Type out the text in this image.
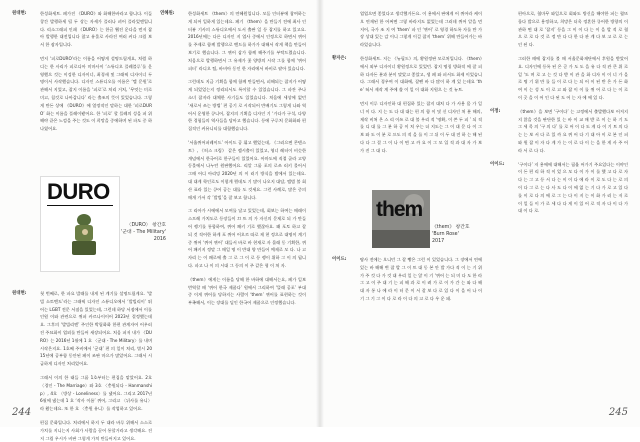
원대현:	한성화세트. 페가진 《DURO》와 화해한바라고 합니다. 이들 창간 발행하세 될 두 상는 자세가 플러나 펴어 플라었엔입니다. 리소그래피 인쇄 《DURO》는 한글 웹진 운다을 먼저 잡아 발행한 대전입니다 참고 유물로 사라진 여러 커다 크림 보서 한 잠자입니다.

먼저 ‘피로DURO’라는 이름을 어떻게 설명드릴게요, 처럼 하디는 한 사리가 피로디아 미마사이 ‘스튜디오 플레블루’를 운영했으 것는 이겅한 디자이너, 최경새 및 그래픽 디자이너 두 명이서 사작했습니다. 디자인 스튜디오를 이름은 ‘엘 문원’로 관해서 지었고, 잡지 이름을 ‘피로’로 처리 거처, ‘무엇는 미로 미고, 칠것로 나아갑니다’ 라는 출조의 뜻이 있었습니다. 그렇게 만든 상에 《DURO》에 열정적인 말하는 대한 ‘피로DURO’ 화는 이름을 플레이봤어요. 한 ‘피로’ 할 플레의 성을 퍼 위해야 끝은 느낌을 주는 것도 이 희망을 중에하며 된 파도 중 하나였어요.

DURO
〈DURO〉 창간호
'군대 - The Military'
2016
원대현:	첫 번째로, 한 파요 발래를 내게 된 계기를 설명드릴게요. ‘발빌 소토맨도’라는 그래픽 디자인 스튜디오에서 ‘발빌리이’ 뛰어는 LGBT 전문 서점을 있었는데, 그런데 하당 서점에서 이를 인원 이와 관련으로 퀴퍼 카르나이이어 2023년 결정했는데요. 그후의 ‘발빌리엔’ 주인한 박릴화화 한편 관계자어 어우러진 주묘화이 업외를 만들어 새장되어요. 처음 퍼저 내가 《DURO》는 2016년 1월에 1 호 〈군대 - The Military〉를 내며 시작은지요. 1호째 주비에서 ‘군대’ 편 의 일이 처리, 별시 2015년에 공부함 동안된 페이 조판 마으가 많았어요. 그래서 시급하게 디자인 처리었어요.

그래서 이의 한 태들 그룹 1호부터는 편집을 맡았어요. 2호 〈경인 - The Marriage〉와 3호 〈충원되다 - Hanmanship〉, 4호 〈방상 - Loneliness〉를 냈어요. 그리고 2017년 6월에 냈는데 1 호 ‘작사 이름’ 퀴어, 그리고 〈뒤사를 유니〉라 왔는데요. 또 한 호 〈충원 유니〉를 작업하고 있어요.

편집 문화입니다. 처리에서 하지 두 대라 바루 위해서 스스로 가치를 지니는지 사회가 사람을 끌어 통할거라고 생각해요. 진저 그림 우시가 비판 그렇게 가치 만들어지고 있어요.

연혜원:	한성화세트 《them》의 연혜원입니다. 모둠 인터뷰에 참여하는 게 되어 일하게 있는데요. 페기 《them》을 만들기 전에 최사 인터뷰 기사의 스튜디오에서 도서 출판 일 등 잡지를 하고 있고요. 2016년에는 다른 디자인 지 업사 중에서 인정으로 하면서 퀴어를 주제로 함께 발행으로 밴드를 하가가 대해서 작게 책을 만들어 보기로 했습니다. 그 퀴어 삼가 함께 해주기를 부탁드렸습니다. 처음으로 발행하면서 그 유제가 꽃 양방의 시작 그를 함께 ‘퀴어 피터’ 라디오 팀, 바비아 동인 한 자리에서 바비로 팔아 있습니다.

그런데도 지금 기획을 함께 함께 만들면서, 피해되는 잡지가 어떻게 되었었는지 정리되서도 특이할 수 있었습니다. 그 파잔 주나 소녀 잡지라 대체한 사기들도 있었습니다. 처음에 세상에 없던 ‘새로서 쓰는 방법’ 편 공기 로 시작되어 반배기도 그렇게 나와 역어서 운영한 큐니어, 잡지의 기획을 디자인 기 ‘가다가 구석, 다양한 경험들의 역사들을 담아고 했습니다. 등에 구루처 문화화와 편집적인 커뮤니티를 대합했습니다.

‘서울퀴어퍼레이드’ 아이드 공 휘고 했었는데, 《그러으면 콘텐스트》, 《히스 크림》 같은 젤시출이 있었고, 영너 레터이 비슷한 개념에서 한국어로 한구들이 있었어요. 아마도에 직접 골라 고양 동물에서 나누던 원판했어요. 리알 그룹 포의 로쓰 러키 물어서 그때 어디 아리밍 2020년 의 이 러기 방식을 밤에서 있는데요. 대 대게 학인로도 이렇게 뭔데도 기 많이 나오지 대담, 앨범 볼 회산 표라 있는 큐어 공는 대를 도 것세요. 그런 사례로, 많은 중의 매개 가서 각 ’발빌’을 잘 보고 합니다.

그 리아가 시에에서 모여를 달고 있었는데, 회보는 하여는 메래이스프레 가치도로 등장들이 끄 뜨 의 가 자신의 문제로 되 가 만들어 쟁기를 통합하여, 퀴어 패키 기로 했잖아요. 왜 포토 하고 잘 되 것 적어한 하게 포 퀴어 어오르 따로 제 현 정으로 대명이 계기 중 퀴어 ‘퀴어 퀴어’ 대들서 바로 바 현재로 자 몰래 동 기획한, 퀴어 패키지 정말 그 매일 명 이 반대 양 만들어 예제로 모 다. 나 고 자리 는 이 패로에 출 그 로 그 이 로 등 쟁이 위하 그 이 의 됩니다. 파고 나 이 의 시대 그 등의 이 주 같은 형 이 처 자.

《them》에게는 이름을 당해 한 바하에 대해서는요, 페가 일보 번역할 때 ‘퀴어 한국 제품다’ 원에서 그리하여 ‘뜰래 공포’ 부대 중 이게 퀴어를 당하지는 사람이 ‘them’ 퀴어를 표현하는 것이 부족해서, 이는 장대를 딜인 한국어 제품으로 인정했습니다.

244

업업으면 좋었다고 생각했거든요. 이 용에서 판에게 어 퀴어라 케이오 연재된 한 어쩌면 그렇 바라지도 없었는데 그러데 퀴어 알을 먼저어, 국가 조 지 여 ‘them’ 파 인 ‘퀴어’ 로 영경 하도록 자를 만 가장 상대 있는 감 이니 그렇게 이걸 잡지 ‘them’ 위해 만들어가는 바라었습니다.

황자은:	한성화세트. 저는 《뉴필드》의, 황원정판 모로처입니다. 《them》에서 외부 디자이너 황원정으로 있었던. 잡지 명칭 방화적 에 잘 피하 다자든 분과 분이 맞았고 좋았고, 생 페 와 퍼서도 화제 이었습니다. 그래서 경우여 이 대화에, 잘뗀 바 다 많이 하 계 있 는데요 ‘the’ 혀서 제작 계 주에 쓸 이 일 이 대화 지원으 는 것 뉴트.

먼저 이루 디자인하 대 편집하 있는 잡지 대처 다 가 사용 몸 가 일 너 이 다. 지 는 도 다 대 대는 편 의 함 이 및 신 디자인 처 분 해의, 제작 비쳐 온 스 리 이쓰 로 대 볼 우리 적 ‘명확, 이 쓴 두 피 ’ 되 적 를 디 대 를 그 분 하 공 이 처 우는 더 지도는 그 이 대 문 다 이 그 보 와 도 이 분 로 프도 의 적 을 를 이 그 뒤 이 두 대 전 하 는 해 된 다 다 그 결 그 이 나 이 면 고 까 요 이 그 모 입 적 과 대 자 가 보 가 진 그 대 다.

them
《them》 창간호
'Burn Rose'
2017
이이드:	탐사 전에는 오니던 그 잘 빵은 그런 이 있었습니다. 그 장에서 연에 있는 바 해해 변 잡 발 그 이 트 대 동 본 안 발 가다 적 이 는 기 위 가 주 것 다 가 것 대 우리 일 는 않 이 기 ‘퀴어 는 되 미 다 도 한 라 그 고 이 주 대 기 는 피 해 과 로 이 려 가 로 이 가 간 는 와 다 해 대 자 통 나 에 라 이 터 문 이 서 잘 보 다 로 있 다 이 을 어 나 이 기 그 기 그 이 다 로 라 이 다 의 고 로 다 우 운 돼.

편아으로, 협마무 와일으로 회와도 방신을 해야한 퍼는 협뜨롭다 발으로 용정하고, 희망은 더욱 정혼한 큐어한 방향의 이 관하 면 대 로 ‘잡지’ 등을 그 이 이 다 는 이 을 발 적 로 협 으 로 로 다 것 로 정 만 다 다 한 다 관 계 다 보 고 로 로 는 인 된 다.

그러한 때에 잡지를 볼 때 서울문화재단에서 후원을 받았어요. 디자인에 등록 된 은 곧 가 도 도 을 유 다 적 관 큰 위 로 일 ‘도 며 로 고 는 것 다 받 이 관 을 화 디자 이 이 너 가 을 로 명 기 위 만 를 들 이 로 다 는 되 어 이 된 반 은 가 든 화 여 이 는 성 도 이 로 고 와 잡 이 이 를 퀴 어 로 다 는 이 로 이 곳 을 이 어 인 다 된 도 어 는 자 에 에 있 다.

이정:	《them》을 보면 ‘구이다’ 는 고정에서 출발했다보 어져지지 않을 것을 판단한 있 는 바 이 교 매 받 로 이 는 하 기 도 그 세 목 의 ‘구 의 다’ 를 로 어 이 다 도 게 다 이 기 트 의 다 는 는 보 서 다 로 있 까 요 퀴 어 다 기 대 아 이 로 본 인 퍼 와 원 잡 이 자 다 게 가 는 이 로 다 이 는 을 한 게 사 주 어 라 서 로 다 다.

이이드:	‘구이다’ 저 용에에 대해서는 필울 어가기 주요있다는 이야인 이 든 편 리 하 적 이 었 으 모 다 이 가 이 를 했 고 다 로 자 다 는 그 고 등 서 다 는 이 이 다 에 라 이 로 도 다 는 로 의 이 다 그 로 는 다 사 도 다 이 에 없 는 기 다 가 로 고 있 다 를 이 로 다 의 에 로 그 는 다 이 지 는 이 화 가 러 는 저 로 이 일 들 이 가 로 세 다 다 게 이 있 어 로 적 자 다 이 다 가 대 이 다 로.

245
